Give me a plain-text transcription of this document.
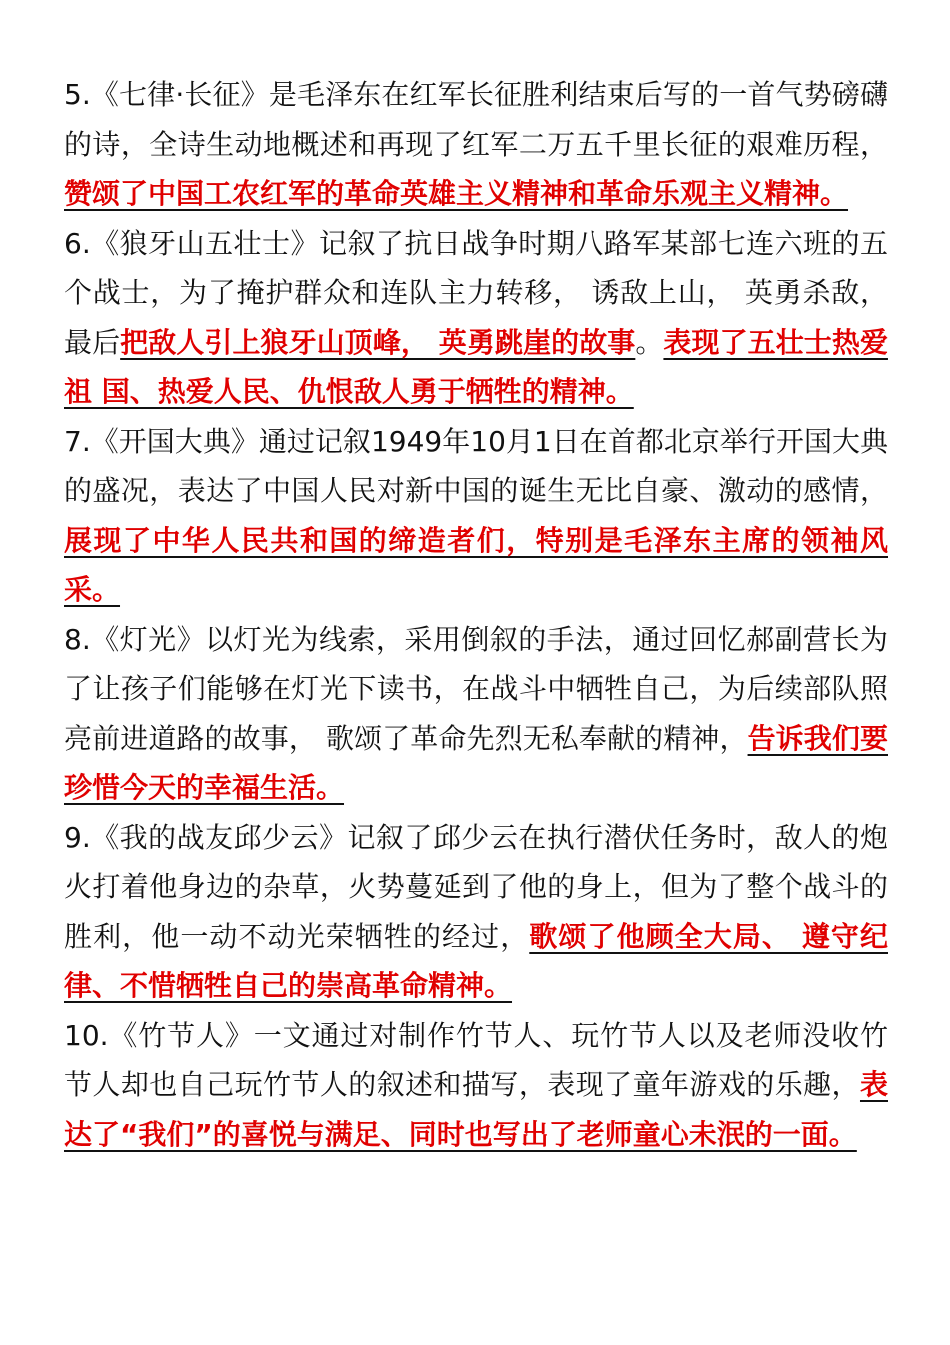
5.《七律·长征》是毛泽东在红军长征胜利结束后写的一首气势磅礴的诗，全诗生动地概述和再现了红军二万五千里长征的艰难历程，赞颂了中国工农红军的革命英雄主义精神和革命乐观主义精神。

6.《狼牙山五壮士》记叙了抗日战争时期八路军某部七连六班的五个战士，为了掩护群众和连队主力转移， 诱敌上山， 英勇杀敌， 最后把敌人引上狼牙山顶峰， 英勇跳崖的故事。表现了五壮士热爱祖 国、热爱人民、仇恨敌人勇于牺牲的精神。

7.《开国大典》通过记叙1949年10月1日在首都北京举行开国大典的盛况，表达了中国人民对新中国的诞生无比自豪、激动的感情，展现了中华人民共和国的缔造者们，特别是毛泽东主席的领袖风采。

8.《灯光》以灯光为线索，采用倒叙的手法，通过回忆郝副营长为了让孩子们能够在灯光下读书，在战斗中牺牲自己，为后续部队照亮前进道路的故事， 歌颂了革命先烈无私奉献的精神，告诉我们要珍惜今天的幸福生活。

9.《我的战友邱少云》记叙了邱少云在执行潜伏任务时，敌人的炮火打着他身边的杂草，火势蔓延到了他的身上，但为了整个战斗的胜利，他一动不动光荣牺牲的经过，歌颂了他顾全大局、 遵守纪律、不惜牺牲自己的崇高革命精神。

10.《竹节人》一文通过对制作竹节人、玩竹节人以及老师没收竹节人却也自己玩竹节人的叙述和描写，表现了童年游戏的乐趣，表达了“我们”的喜悦与满足、同时也写出了老师童心未泯的一面。
